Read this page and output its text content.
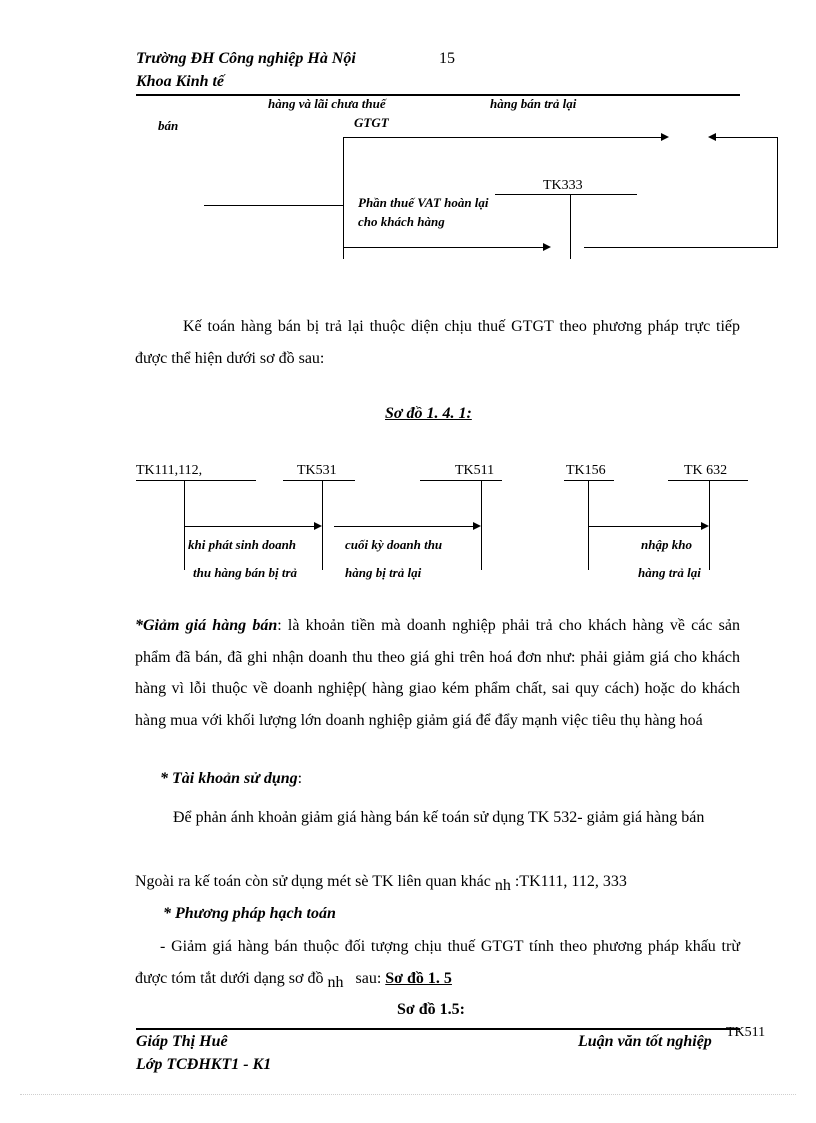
Trường ĐH Công nghiệp Hà Nội	15
Khoa Kinh tế
hàng và lãi chưa thuế	hàng bán trả lại
bán	GTGT
TK333
Phần thuế VAT hoàn lại
cho khách hàng
Kế toán hàng bán bị trả lại thuộc diện chịu thuế GTGT theo phương pháp trực tiếp được thể hiện dưới sơ đồ sau:
Sơ đồ 1. 4. 1:
TK111,112,	TK531	TK511	TK156	TK 632
khi phát sinh doanh
thu hàng bán bị trả
cuối kỳ doanh thu
hàng bị trả lại
nhập kho
hàng trả lại
*Giảm giá hàng bán: là khoản tiền mà doanh nghiệp phải trả cho khách hàng về các sản phẩm đã bán, đã ghi nhận doanh thu theo giá ghi trên hoá đơn như: phải giảm giá cho khách hàng vì lỗi thuộc về doanh nghiệp( hàng giao kém phẩm chất, sai quy cách) hoặc do khách hàng mua với khối lượng lớn doanh nghiệp giảm giá để đẩy mạnh việc tiêu thụ hàng hoá
* Tài khoản sử dụng:
Để phản ánh khoản giảm giá hàng bán kế toán sử dụng TK 532- giảm giá hàng bán
Ngoài ra kế toán còn sử dụng mét sè TK liên quan khác nh :TK111, 112, 333
* Phương pháp hạch toán
- Giảm giá hàng bán thuộc đối tượng chịu thuế GTGT tính theo phương pháp khấu trừ được tóm tắt dưới dạng sơ đồ nh sau: Sơ đồ 1. 5
Sơ đồ 1.5:
Giáp Thị Huê	Luận văn tốt nghiệp
TK511
Lớp TCĐHKT1 - K1
